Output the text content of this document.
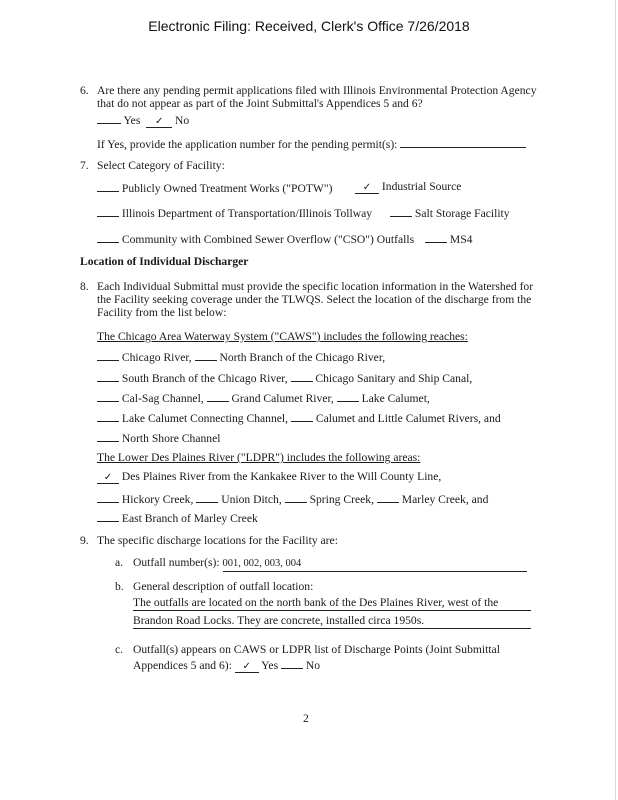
Electronic Filing: Received, Clerk's Office 7/26/2018
6. Are there any pending permit applications filed with Illinois Environmental Protection Agency
that do not appear as part of the Joint Submittal's Appendices 5 and 6?
Yes ✓ No
If Yes, provide the application number for the pending permit(s):
7. Select Category of Facility:
Publicly Owned Treatment Works ("POTW")	✓ Industrial Source
Illinois Department of Transportation/Illinois Tollway	Salt Storage Facility
Community with Combined Sewer Overflow ("CSO") Outfalls	MS4
Location of Individual Discharger
8. Each Individual Submittal must provide the specific location information in the Watershed for
the Facility seeking coverage under the TLWQS. Select the location of the discharge from the
Facility from the list below:
The Chicago Area Waterway System ("CAWS") includes the following reaches:
Chicago River, North Branch of the Chicago River,
South Branch of the Chicago River, Chicago Sanitary and Ship Canal,
Cal-Sag Channel, Grand Calumet River, Lake Calumet,
Lake Calumet Connecting Channel, Calumet and Little Calumet Rivers, and
North Shore Channel
The Lower Des Plaines River ("LDPR") includes the following areas:
✓ Des Plaines River from the Kankakee River to the Will County Line,
Hickory Creek, Union Ditch, Spring Creek, Marley Creek, and
East Branch of Marley Creek
9. The specific discharge locations for the Facility are:
a. Outfall number(s): 001, 002, 003, 004
b. General description of outfall location:
The outfalls are located on the north bank of the Des Plaines River, west of the
Brandon Road Locks. They are concrete, installed circa 1950s.
c. Outfall(s) appears on CAWS or LDPR list of Discharge Points (Joint Submittal
Appendices 5 and 6): ✓ Yes No
2
